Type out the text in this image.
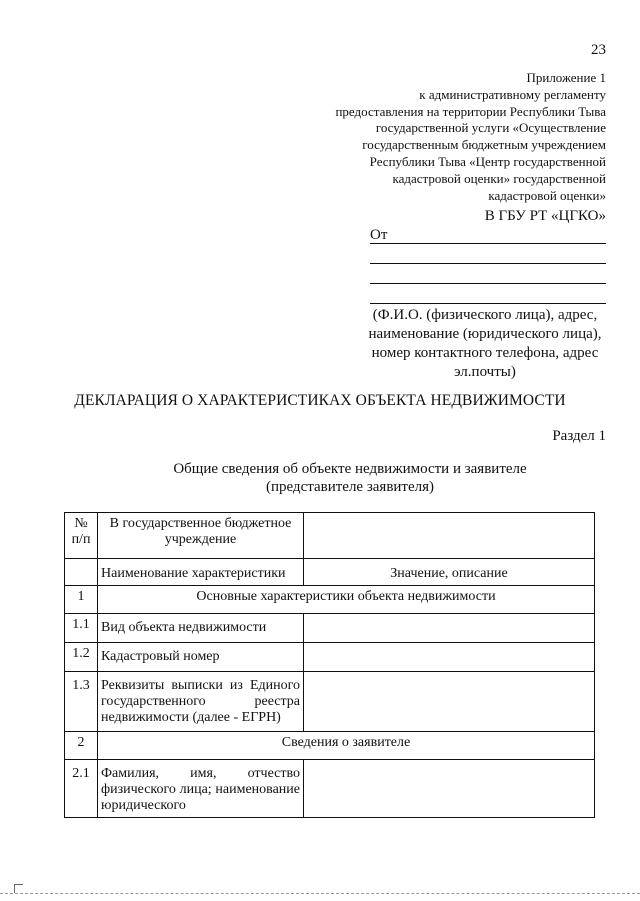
23
Приложение 1
к административному регламенту
предоставления на территории Республики Тыва
государственной услуги «Осуществление
государственным бюджетным учреждением
Республики Тыва «Центр государственной
кадастровой оценки» государственной
кадастровой оценки»
В ГБУ РТ «ЦГКО»
От
(Ф.И.О. (физического лица), адрес,
наименование (юридического лица),
номер контактного телефона, адрес
эл.почты)
ДЕКЛАРАЦИЯ О ХАРАКТЕРИСТИКАХ ОБЪЕКТА НЕДВИЖИМОСТИ
Раздел 1
Общие сведения об объекте недвижимости и заявителе
(представителе заявителя)
№ п/п	В государственное бюджетное учреждение	
	Наименование характеристики	Значение, описание
1	Основные характеристики объекта недвижимости	
1.1	Вид объекта недвижимости	
1.2	Кадастровый номер	
1.3	Реквизиты выписки из Единого государственного реестра недвижимости (далее - ЕГРН)	
2	Сведения о заявителе	
2.1	Фамилия, имя, отчество физического лица; наименование юридического	
